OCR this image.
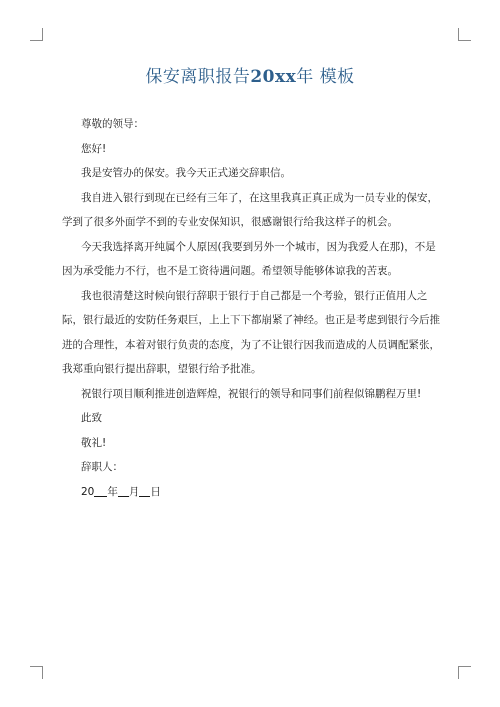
保安离职报告20xx年 模板

尊敬的领导：

您好!

我是安管办的保安。我今天正式递交辞职信。

我自进入银行到现在已经有三年了，在这里我真正真正成为一员专业的保安，学到了很多外面学不到的专业安保知识，很感谢银行给我这样子的机会。

今天我选择离开纯属个人原因(我要到另外一个城市，因为我爱人在那)，不是因为承受能力不行，也不是工资待遇问题。希望领导能够体谅我的苦衷。

我也很清楚这时候向银行辞职于银行于自己都是一个考验，银行正值用人之际，银行最近的安防任务艰巨，上上下下都崩紧了神经。也正是考虑到银行今后推进的合理性，本着对银行负责的态度，为了不让银行因我而造成的人员调配紧张，我郑重向银行提出辞职，望银行给予批准。

祝银行项目顺利推进创造辉煌，祝银行的领导和同事们前程似锦鹏程万里!

此致

敬礼!

辞职人：

20 年 月 日
